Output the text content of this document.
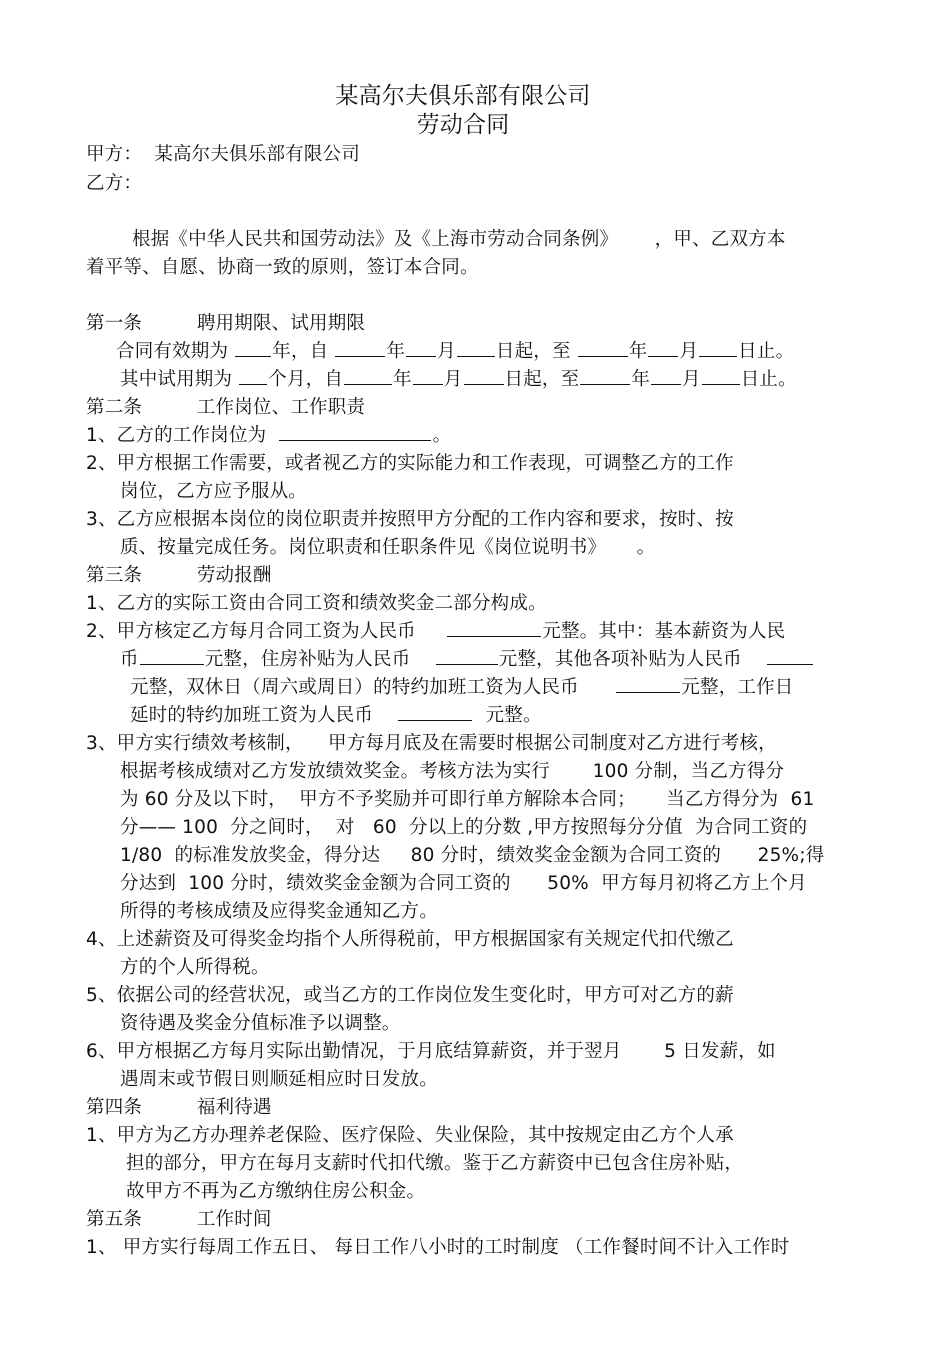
某高尔夫俱乐部有限公司
劳动合同
甲方：  某高尔夫俱乐部有限公司
乙方：
根据《中华人民共和国劳动法》及《上海市劳动合同条例》      ，甲、乙双方本
着平等、自愿、协商一致的原则，签订本合同。
第一条         聘用期限、试用期限
合同有效期为 年，自	年 月 日起，至	年 月 日止。
其中试用期为 个月，自	年 月 日起，至	年 月 日止。
第二条         工作岗位、工作职责
1、乙方的工作岗位为	。
2、甲方根据工作需要，或者视乙方的实际能力和工作表现，可调整乙方的工作
岗位，乙方应予服从。
3、乙方应根据本岗位的岗位职责并按照甲方分配的工作内容和要求，按时、按
质、按量完成任务。岗位职责和任职条件见《岗位说明书》     。
第三条         劳动报酬
1、乙方的实际工资由合同工资和绩效奖金二部分构成。
2、甲方核定乙方每月合同工资为人民币	元整。其中：基本薪资为人民
币	元整，住房补贴为人民币	元整，其他各项补贴为人民币
元整，双休日（周六或周日）的特约加班工资为人民币	元整，工作日
延时的特约加班工资为人民币	元整。
3、甲方实行绩效考核制，    甲方每月底及在需要时根据公司制度对乙方进行考核，
根据考核成绩对乙方发放绩效奖金。考核方法为实行       100 分制，当乙方得分
为 60 分及以下时，  甲方不予奖励并可即行单方解除本合同；     当乙方得分为  61
分—— 100  分之间时，  对   60  分以上的分数 ,甲方按照每分分值  为合同工资的
1/80  的标准发放奖金，得分达     80 分时，绩效奖金金额为合同工资的      25%;得
分达到  100 分时，绩效奖金金额为合同工资的      50%  甲方每月初将乙方上个月
所得的考核成绩及应得奖金通知乙方。
4、上述薪资及可得奖金均指个人所得税前，甲方根据国家有关规定代扣代缴乙
方的个人所得税。
5、依据公司的经营状况，或当乙方的工作岗位发生变化时，甲方可对乙方的薪
资待遇及奖金分值标准予以调整。
6、甲方根据乙方每月实际出勤情况，于月底结算薪资，并于翌月       5 日发薪，如
遇周末或节假日则顺延相应时日发放。
第四条         福利待遇
1、甲方为乙方办理养老保险、医疗保险、失业保险，其中按规定由乙方个人承
担的部分，甲方在每月支薪时代扣代缴。鉴于乙方薪资中已包含住房补贴，
故甲方不再为乙方缴纳住房公积金。
第五条         工作时间
1、 甲方实行每周工作五日、 每日工作八小时的工时制度 （工作餐时间不计入工作时
